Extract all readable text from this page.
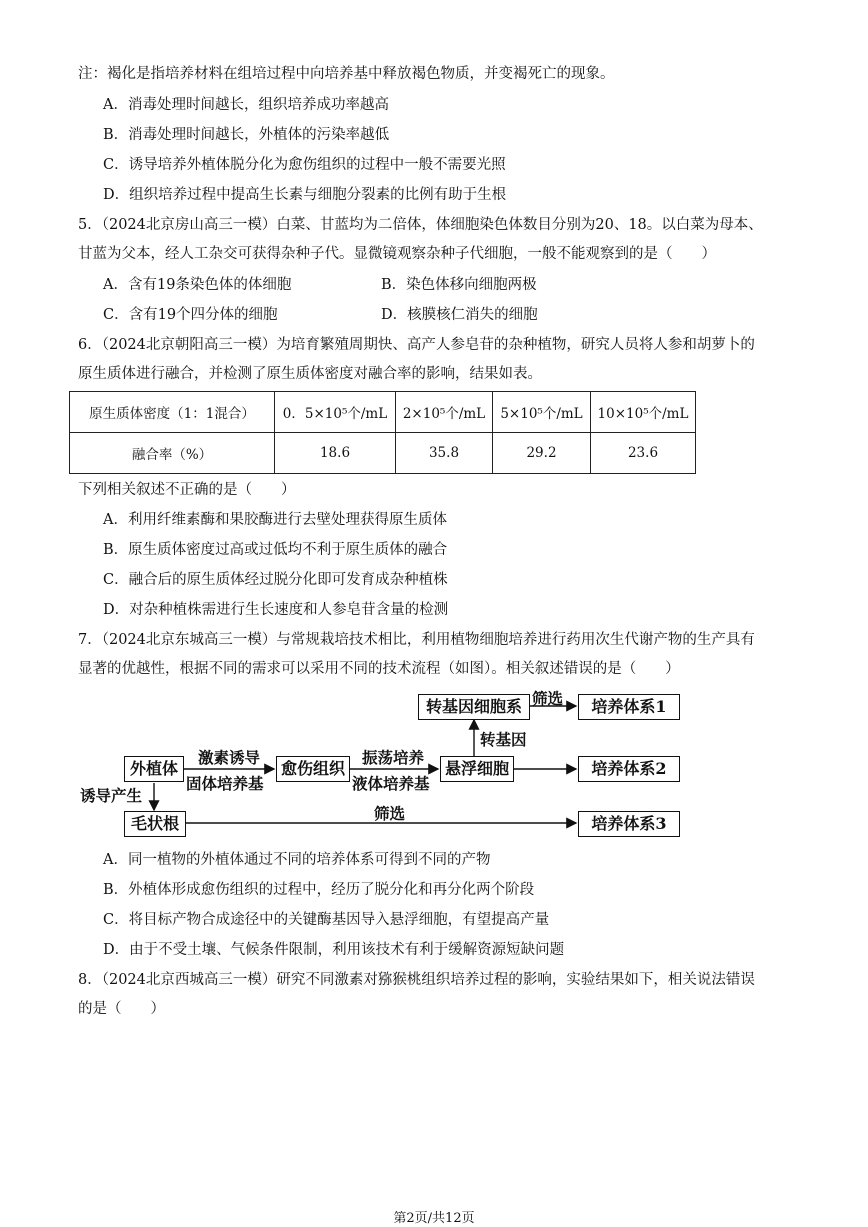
注：褐化是指培养材料在组培过程中向培养基中释放褐色物质，并变褐死亡的现象。
A．消毒处理时间越长，组织培养成功率越高
B．消毒处理时间越长，外植体的污染率越低
C．诱导培养外植体脱分化为愈伤组织的过程中一般不需要光照
D．组织培养过程中提高生长素与细胞分裂素的比例有助于生根
5．（2024北京房山高三一模）白菜、甘蓝均为二倍体，体细胞染色体数目分别为20、18。以白菜为母本、
甘蓝为父本，经人工杂交可获得杂种子代。显微镜观察杂种子代细胞，一般不能观察到的是（　　）
A．含有19条染色体的体细胞	B．染色体移向细胞两极
C．含有19个四分体的细胞	D．核膜核仁消失的细胞
6．（2024北京朝阳高三一模）为培育繁殖周期快、高产人参皂苷的杂种植物，研究人员将人参和胡萝卜的
原生质体进行融合，并检测了原生质体密度对融合率的影响，结果如表。
原生质体密度（1：1混合）	0．5×10⁵个/mL	2×10⁵个/mL	5×10⁵个/mL	10×10⁵个/mL
融合率（%）	18.6	35.8	29.2	23.6
下列相关叙述不正确的是（　　）
A．利用纤维素酶和果胶酶进行去壁处理获得原生质体
B．原生质体密度过高或过低均不利于原生质体的融合
C．融合后的原生质体经过脱分化即可发育成杂种植株
D．对杂种植株需进行生长速度和人参皂苷含量的检测
7．（2024北京东城高三一模）与常规栽培技术相比，利用植物细胞培养进行药用次生代谢产物的生产具有
显著的优越性，根据不同的需求可以采用不同的技术流程（如图）。相关叙述错误的是（　　）
转基因细胞系	培养体系1
外植体	愈伤组织	悬浮细胞	培养体系2
毛状根	培养体系3
激素诱导
固体培养基
振荡培养
液体培养基
转基因
筛选
筛选
诱导产生
A．同一植物的外植体通过不同的培养体系可得到不同的产物
B．外植体形成愈伤组织的过程中，经历了脱分化和再分化两个阶段
C．将目标产物合成途径中的关键酶基因导入悬浮细胞，有望提高产量
D．由于不受土壤、气候条件限制，利用该技术有利于缓解资源短缺问题
8．（2024北京西城高三一模）研究不同激素对猕猴桃组织培养过程的影响，实验结果如下，相关说法错误
的是（　　）
第2页/共12页
